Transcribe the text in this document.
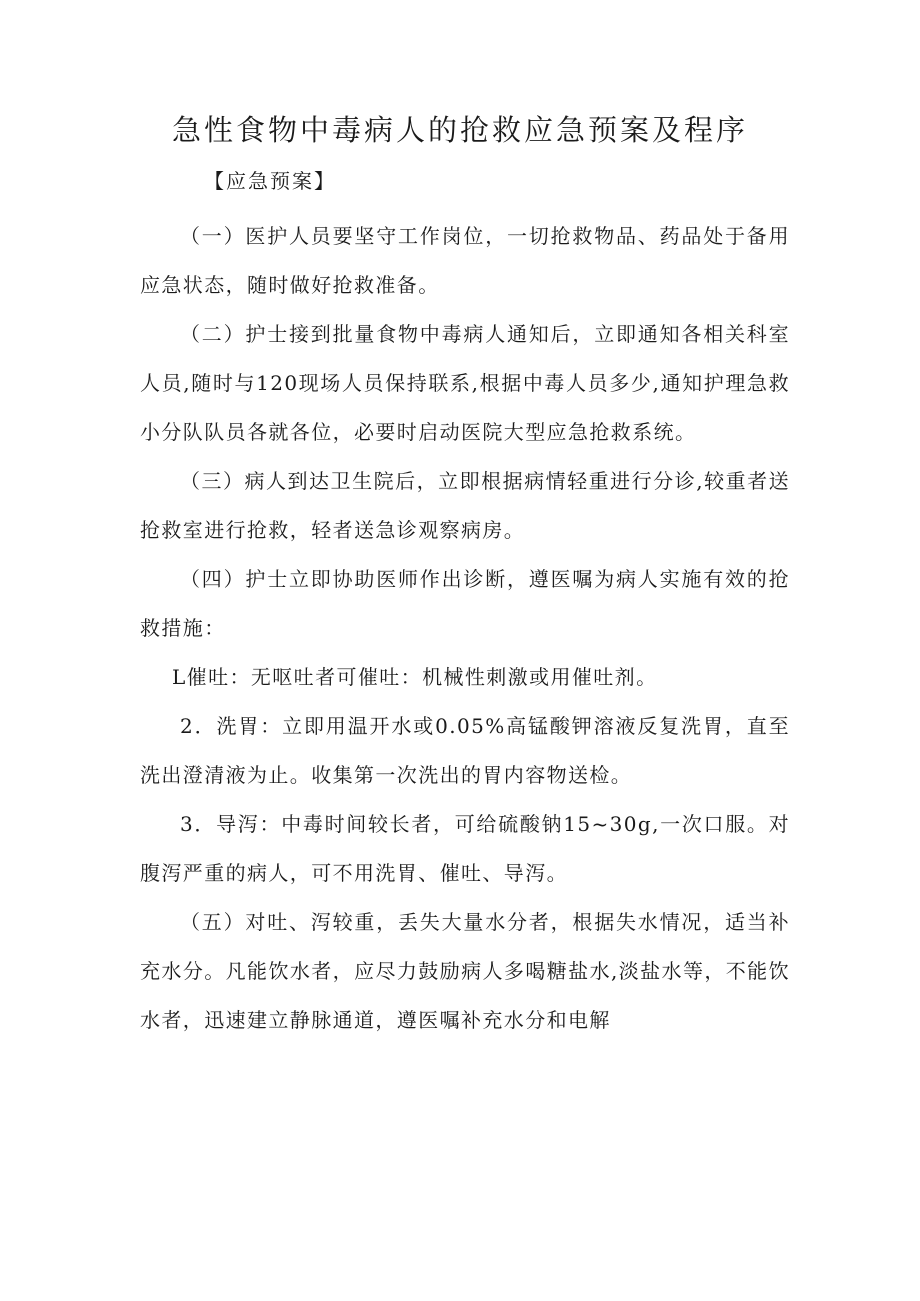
急性食物中毒病人的抢救应急预案及程序

【应急预案】

（一）医护人员要坚守工作岗位，一切抢救物品、药品处于备用应急状态，随时做好抢救准备。

（二）护士接到批量食物中毒病人通知后，立即通知各相关科室人员,随时与120现场人员保持联系,根据中毒人员多少,通知护理急救小分队队员各就各位，必要时启动医院大型应急抢救系统。

（三）病人到达卫生院后，立即根据病情轻重进行分诊,较重者送抢救室进行抢救，轻者送急诊观察病房。

（四）护士立即协助医师作出诊断，遵医嘱为病人实施有效的抢救措施：

L催吐：无呕吐者可催吐：机械性刺激或用催吐剂。

2．洗胃：立即用温开水或0.05%高锰酸钾溶液反复洗胃，直至洗出澄清液为止。收集第一次洗出的胃内容物送检。

3．导泻：中毒时间较长者，可给硫酸钠15~30g,一次口服。对腹泻严重的病人，可不用洗胃、催吐、导泻。

（五）对吐、泻较重，丢失大量水分者，根据失水情况，适当补充水分。凡能饮水者，应尽力鼓励病人多喝糖盐水,淡盐水等，不能饮水者，迅速建立静脉通道，遵医嘱补充水分和电解
